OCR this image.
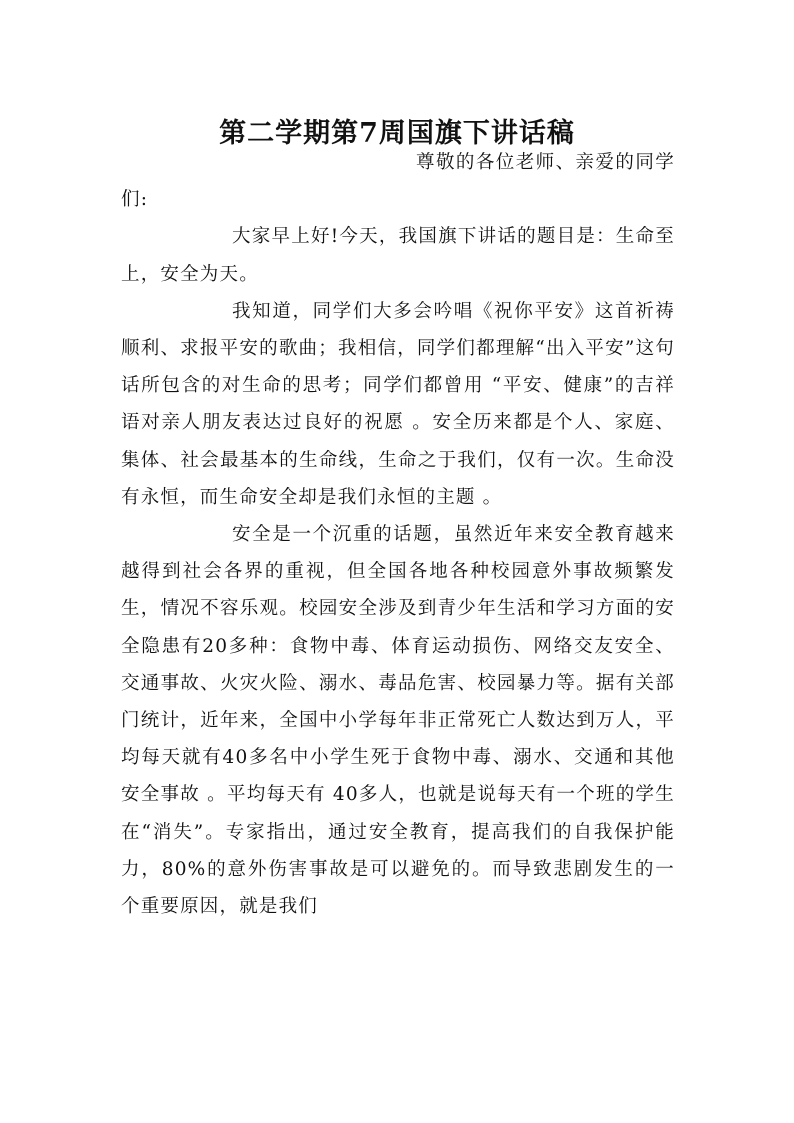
第二学期第7周国旗下讲话稿

尊敬的各位老师、亲爱的同学们:

大家早上好!今天，我国旗下讲话的题目是：生命至上，安全为天。

我知道，同学们大多会吟唱《祝你平安》这首祈祷顺利、求报平安的歌曲；我相信，同学们都理解“出入平安”这句话所包含的对生命的思考；同学们都曾用 “平安、健康”的吉祥语对亲人朋友表达过良好的祝愿 。安全历来都是个人、家庭、集体、社会最基本的生命线，生命之于我们，仅有一次。生命没有永恒，而生命安全却是我们永恒的主题 。

安全是一个沉重的话题，虽然近年来安全教育越来越得到社会各界的重视，但全国各地各种校园意外事故频繁发生，情况不容乐观。校园安全涉及到青少年生活和学习方面的安全隐患有20多种：食物中毒、体育运动损伤、网络交友安全、交通事故、火灾火险、溺水、毒品危害、校园暴力等。据有关部门统计，近年来，全国中小学每年非正常死亡人数达到万人，平均每天就有40多名中小学生死于食物中毒、溺水、交通和其他安全事故 。平均每天有 40多人，也就是说每天有一个班的学生在“消失”。专家指出，通过安全教育，提高我们的自我保护能力，80%的意外伤害事故是可以避免的。而导致悲剧发生的一个重要原因，就是我们
